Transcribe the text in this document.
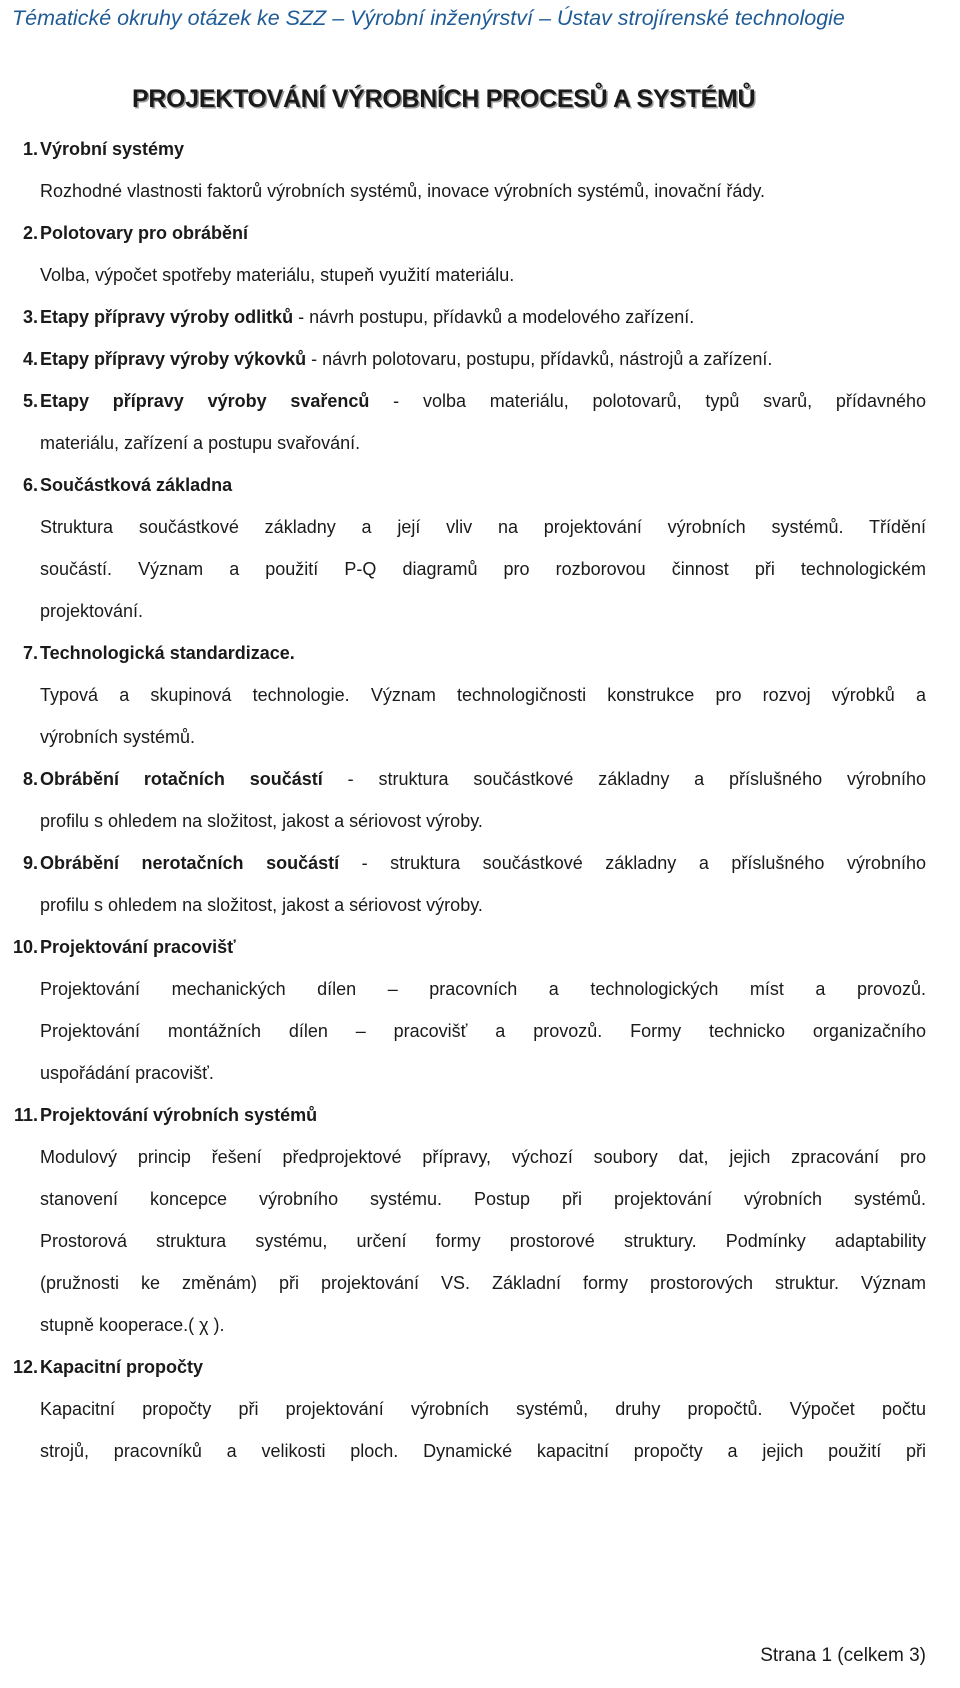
Tématické okruhy otázek ke SZZ – Výrobní inženýrství – Ústav strojírenské technologie
PROJEKTOVÁNÍ VÝROBNÍCH PROCESŮ A SYSTÉMŮ
1. Výrobní systémy
Rozhodné vlastnosti faktorů výrobních systémů, inovace výrobních systémů, inovační řády.
2. Polotovary pro obrábění
Volba, výpočet spotřeby materiálu, stupeň využití materiálu.
3. Etapy přípravy výroby odlitků - návrh postupu, přídavků a modelového zařízení.
4. Etapy přípravy výroby výkovků - návrh polotovaru, postupu, přídavků, nástrojů a zařízení.
5. Etapy přípravy výroby svařenců - volba materiálu, polotovarů, typů svarů, přídavného
materiálu, zařízení a postupu svařování.
6. Součástková základna
Struktura součástkové základny a její vliv na projektování výrobních systémů. Třídění
součástí. Význam a použití P-Q diagramů pro rozborovou činnost při technologickém
projektování.
7. Technologická standardizace.
Typová a skupinová technologie. Význam technologičnosti konstrukce pro rozvoj výrobků a
výrobních systémů.
8. Obrábění rotačních součástí - struktura součástkové základny a příslušného výrobního
profilu s ohledem na složitost, jakost a sériovost výroby.
9. Obrábění nerotačních součástí - struktura součástkové základny a příslušného výrobního
profilu s ohledem na složitost, jakost a sériovost výroby.
10. Projektování pracovišť
Projektování mechanických dílen – pracovních a technologických míst a provozů.
Projektování montážních dílen – pracovišť a provozů. Formy technicko organizačního
uspořádání pracovišť.
11. Projektování výrobních systémů
Modulový princip řešení předprojektové přípravy, výchozí soubory dat, jejich zpracování pro
stanovení koncepce výrobního systému. Postup při projektování výrobních systémů.
Prostorová struktura systému, určení formy prostorové struktury. Podmínky adaptability
(pružnosti ke změnám) při projektování VS. Základní formy prostorových struktur. Význam
stupně kooperace.( χ ).
12. Kapacitní propočty
Kapacitní propočty při projektování výrobních systémů, druhy propočtů. Výpočet počtu
strojů, pracovníků a velikosti ploch. Dynamické kapacitní propočty a jejich použití při
Strana 1 (celkem 3)
